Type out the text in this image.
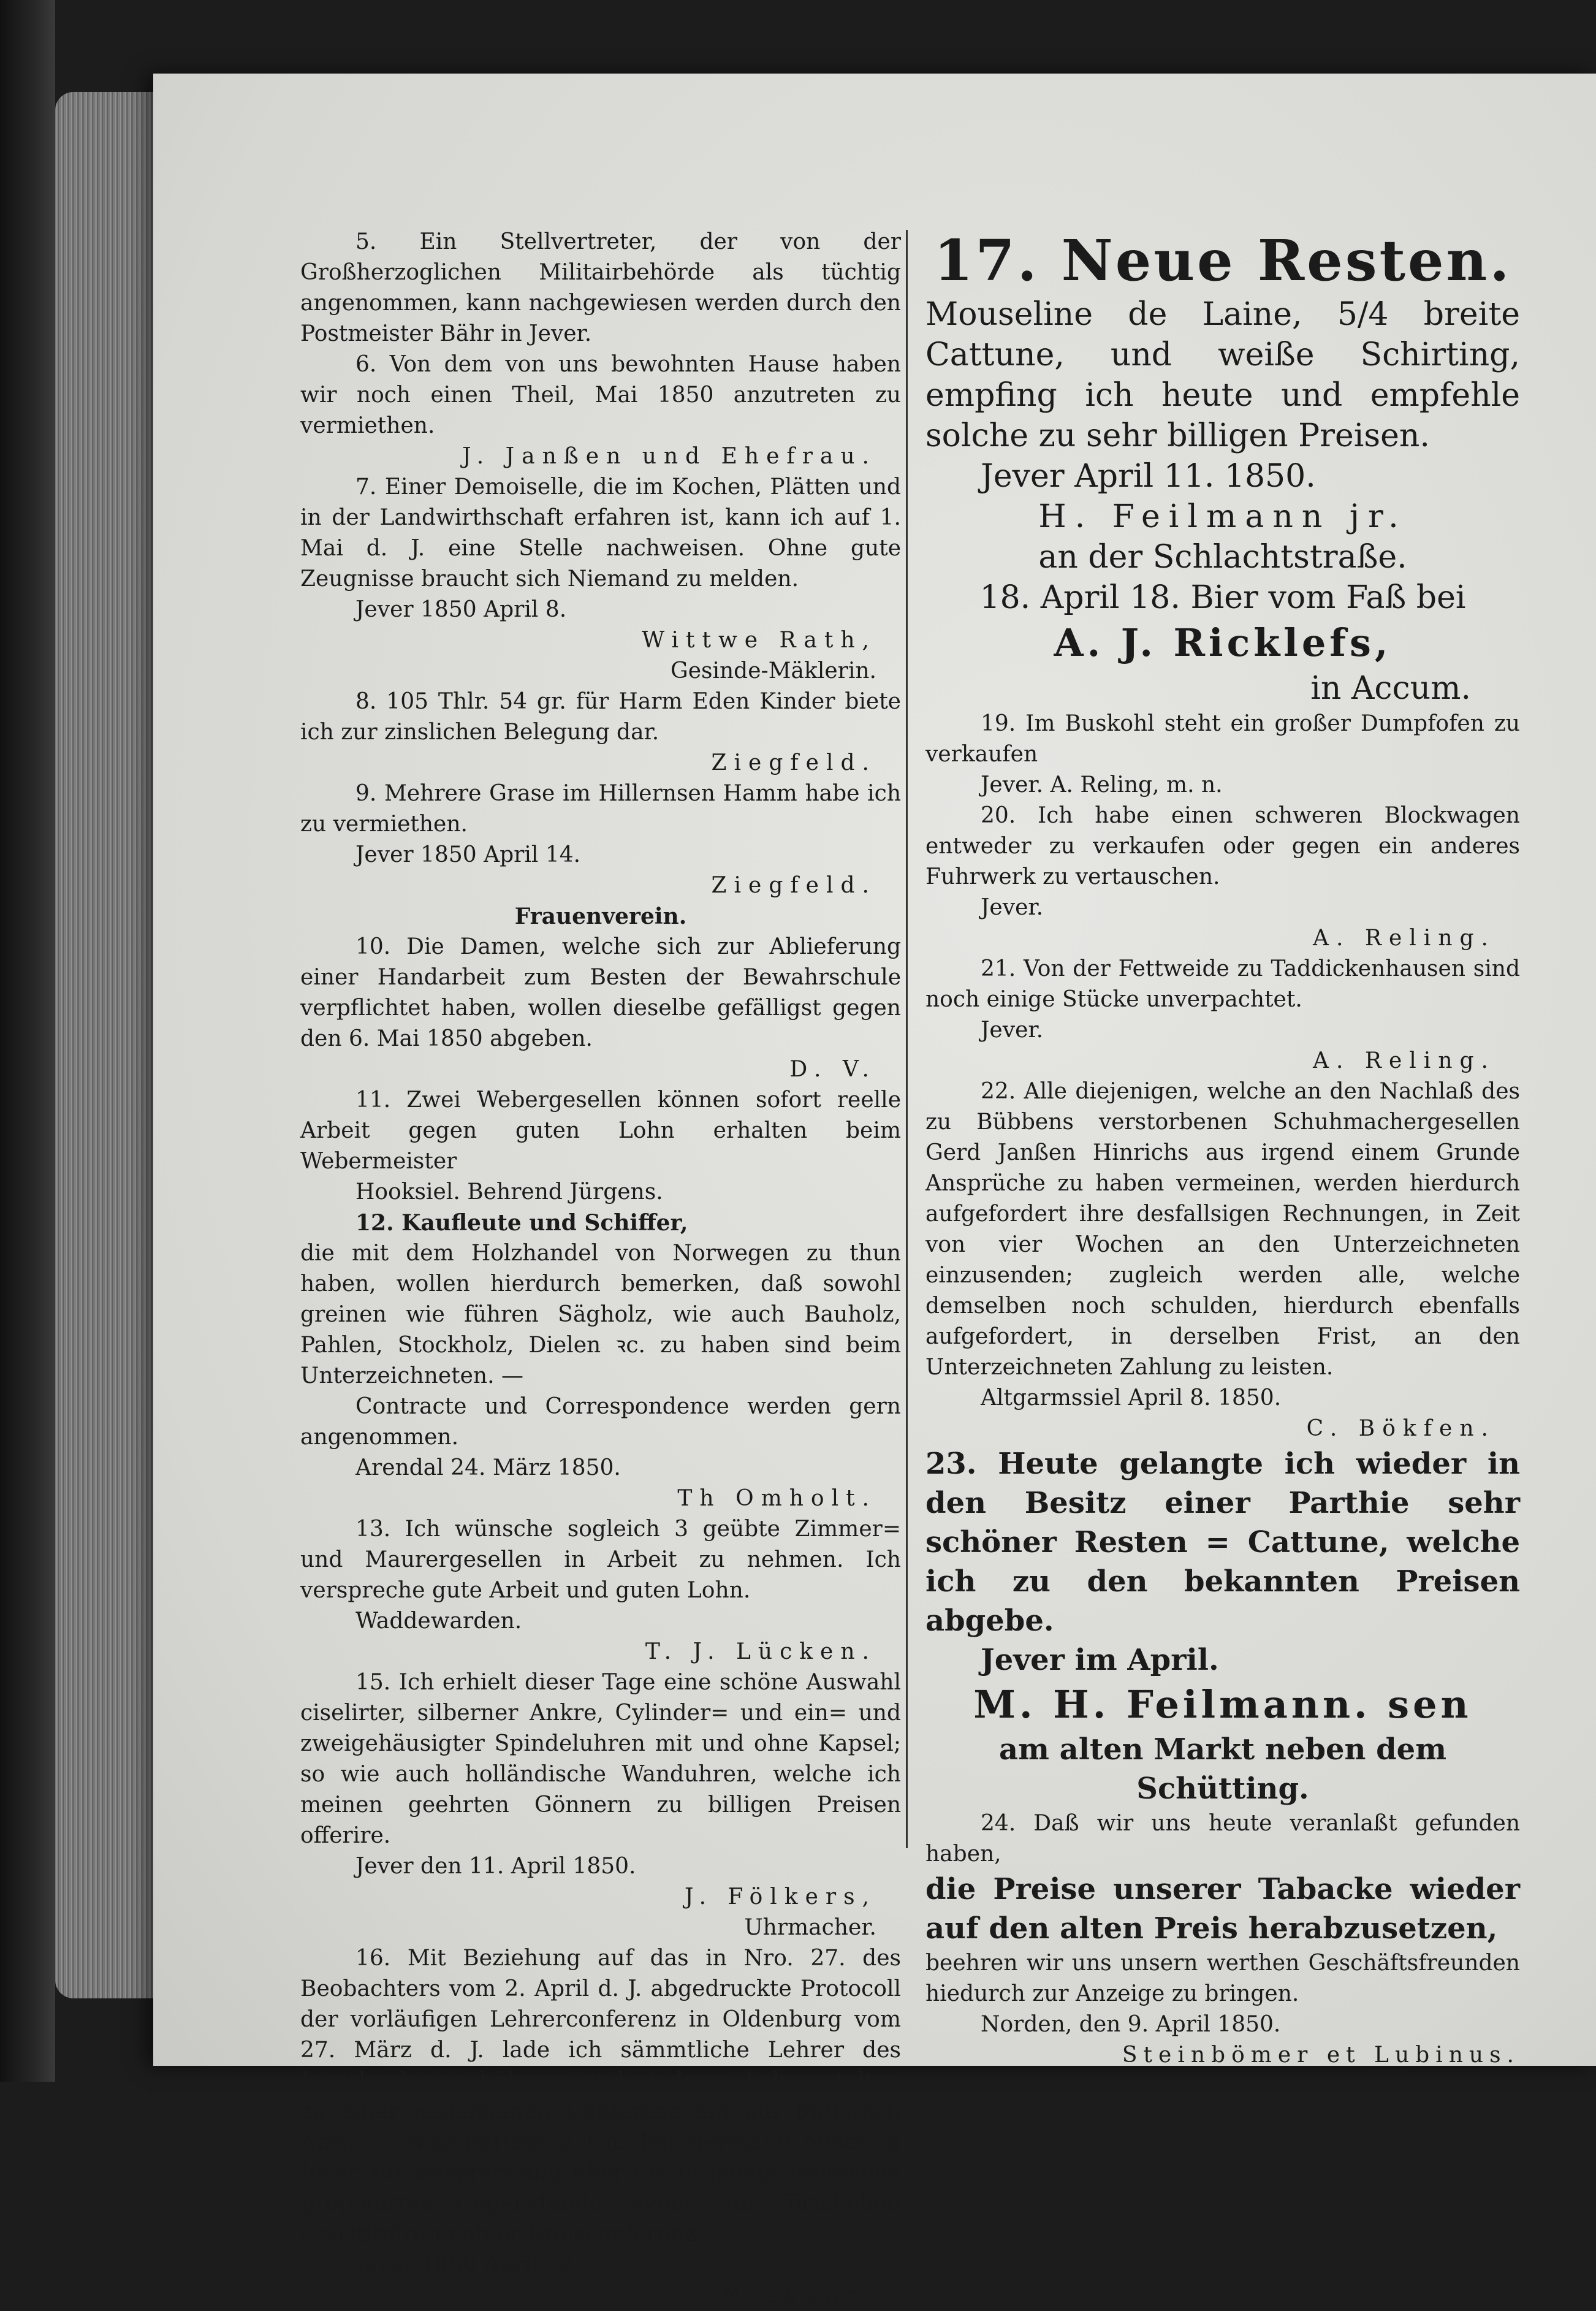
5. Ein Stellvertreter, der von der Großherzoglichen Militairbehörde als tüchtig angenommen, kann nachgewiesen werden durch den Postmeister Bähr in Jever.

6. Von dem von uns bewohnten Hause haben wir noch einen Theil, Mai 1850 anzutreten zu vermiethen.

J. Janßen und Ehefrau.

7. Einer Demoiselle, die im Kochen, Plätten und in der Landwirthschaft erfahren ist, kann ich auf 1. Mai d. J. eine Stelle nachweisen. Ohne gute Zeugnisse braucht sich Niemand zu melden.

Jever 1850 April 8.

Wittwe Rath,

Gesinde-Mäklerin.

8. 105 Thlr. 54 gr. für Harm Eden Kinder biete ich zur zinslichen Belegung dar.

Ziegfeld.

9. Mehrere Grase im Hillernsen Hamm habe ich zu vermiethen.

Jever 1850 April 14.

Ziegfeld.

Frauenverein.

10. Die Damen, welche sich zur Ablieferung einer Handarbeit zum Besten der Bewahrschule verpflichtet haben, wollen dieselbe gefälligst gegen den 6. Mai 1850 abgeben.

D. V.

11. Zwei Webergesellen können sofort reelle Arbeit gegen guten Lohn erhalten beim Webermeister

Hooksiel. Behrend Jürgens.

12. Kaufleute und Schiffer,

die mit dem Holzhandel von Norwegen zu thun haben, wollen hierdurch bemerken, daß sowohl greinen wie führen Sägholz, wie auch Bauholz, Pahlen, Stockholz, Dielen ꝛc. zu haben sind beim Unterzeichneten. —

Contracte und Correspondence werden gern angenommen.

Arendal 24. März 1850.

Th Omholt.

13. Ich wünsche sogleich 3 geübte Zimmer= und Maurergesellen in Arbeit zu nehmen. Ich verspreche gute Arbeit und guten Lohn.

Waddewarden.

T. J. Lücken.

15. Ich erhielt dieser Tage eine schöne Auswahl ciselirter, silberner Ankre, Cylinder= und ein= und zweigehäusigter Spindeluhren mit und ohne Kapsel; so wie auch holländische Wanduhren, welche ich meinen geehrten Gönnern zu billigen Preisen offerire.

Jever den 11. April 1850.

J. Fölkers,

Uhrmacher.

16. Mit Beziehung auf das in Nro. 27. des Beobachters vom 2. April d. J. abgedruckte Protocoll der vorläufigen Lehrerconferenz in Oldenburg vom 27. März d. J. lade ich sämmtliche Lehrer des Jeverlandes an höheren und niederen Lehranstalten zu einer allgemeinen Conferenz ein auf Mittwoch April 17 Nachmittags 2 Uhr bei Hermann Meier in Jever zur Besprechung über die in jenem Protocolle proponirten Gegenstände, event. zur förmlichen Constituirung einer Kreisconferenz.

Jever 1850 April 12.

Niebour.

17. Neue Resten.

Mouseline de Laine, 5/4 breite Cattune, und weiße Schirting, empfing ich heute und empfehle solche zu sehr billigen Preisen.

Jever April 11. 1850.

H. Feilmann jr.

an der Schlachtstraße.

18. April 18. Bier vom Faß bei

A. J. Ricklefs,

in Accum.

19. Im Buskohl steht ein großer Dumpfofen zu verkaufen

Jever. A. Reling, m. n.

20. Ich habe einen schweren Blockwagen entweder zu verkaufen oder gegen ein anderes Fuhrwerk zu vertauschen.

Jever.

A. Reling.

21. Von der Fettweide zu Taddickenhausen sind noch einige Stücke unverpachtet.

Jever.

A. Reling.

22. Alle diejenigen, welche an den Nachlaß des zu Bübbens verstorbenen Schuhmachergesellen Gerd Janßen Hinrichs aus irgend einem Grunde Ansprüche zu haben vermeinen, werden hierdurch aufgefordert ihre desfallsigen Rechnungen, in Zeit von vier Wochen an den Unterzeichneten einzusenden; zugleich werden alle, welche demselben noch schulden, hierdurch ebenfalls aufgefordert, in derselben Frist, an den Unterzeichneten Zahlung zu leisten.

Altgarmssiel April 8. 1850.

C. Bökfen.

23. Heute gelangte ich wieder in den Besitz einer Parthie sehr schöner Resten = Cattune, welche ich zu den bekannten Preisen abgebe.

Jever im April.

M. H. Feilmann. sen

am alten Markt neben dem Schütting.

24. Daß wir uns heute veranlaßt gefunden haben,

die Preise unserer Tabacke wieder auf den alten Preis herabzusetzen,

beehren wir uns unsern werthen Geschäftsfreunden hiedurch zur Anzeige zu bringen.

Norden, den 9. April 1850.

Steinbömer et Lubinus.
